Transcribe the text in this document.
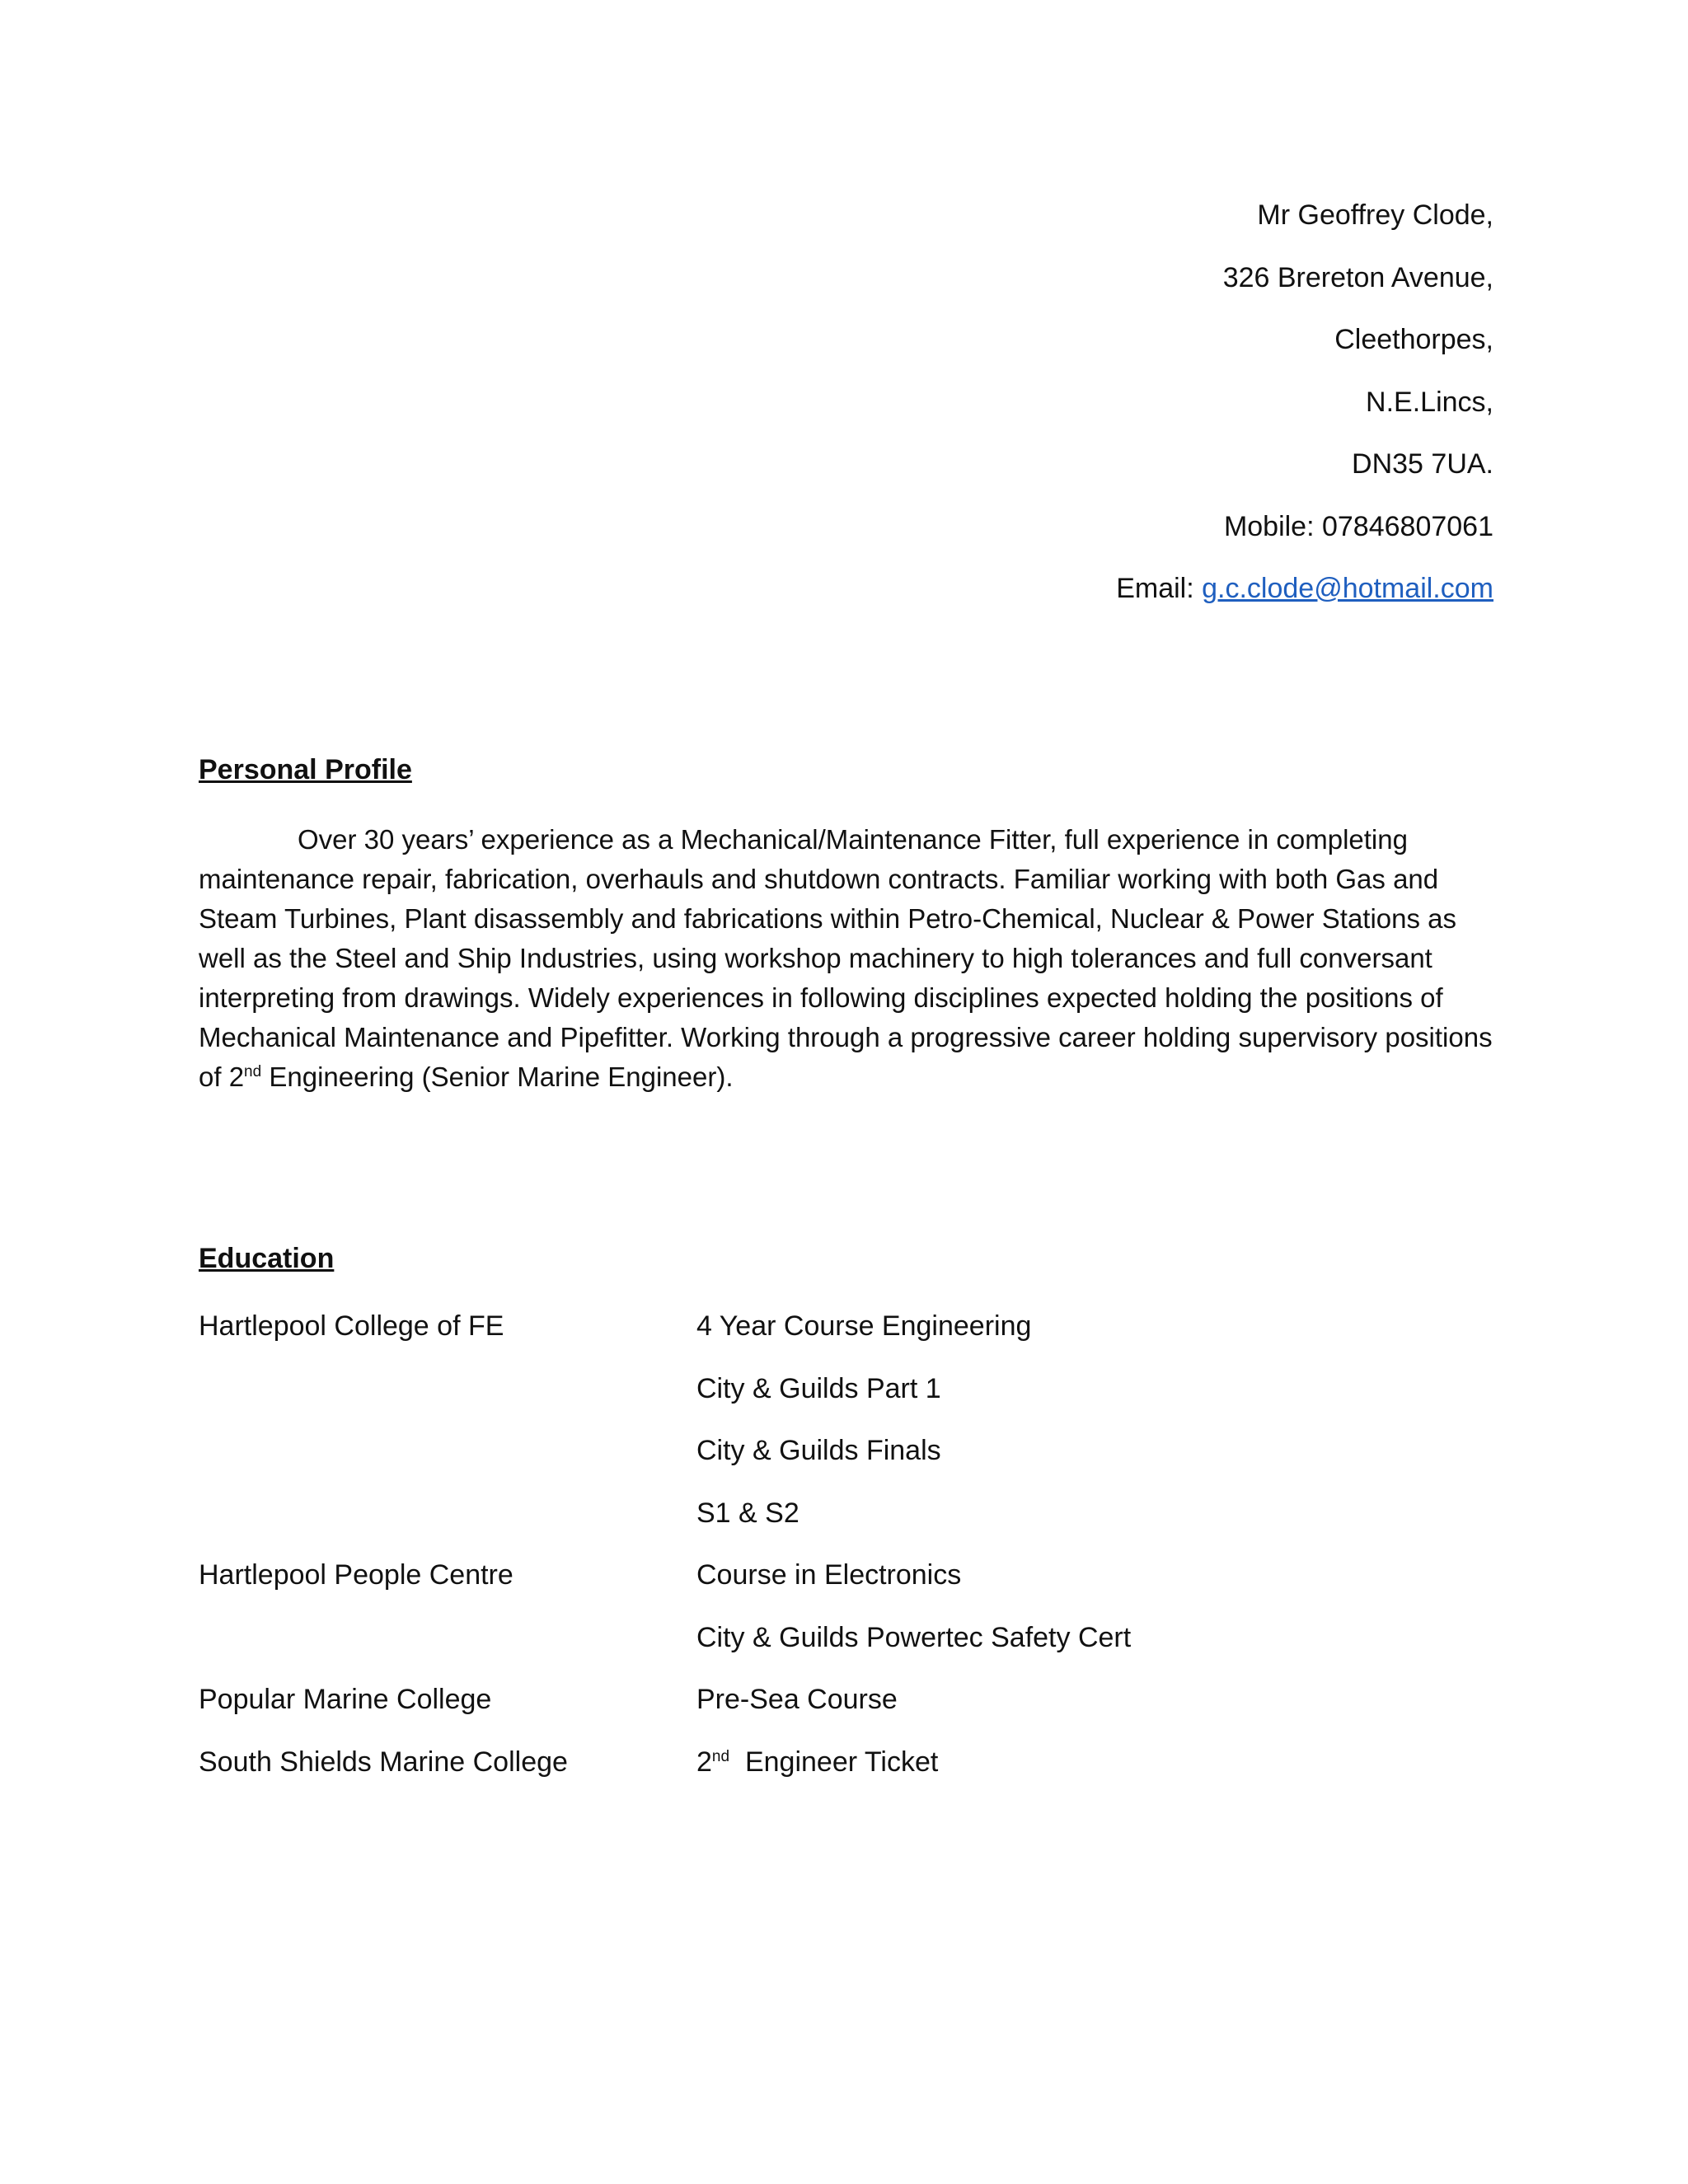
Mr Geoffrey Clode,
326 Brereton Avenue,
Cleethorpes,
N.E.Lincs,
DN35 7UA.
Mobile: 07846807061
Email: g.c.clode@hotmail.com
Personal Profile

Over 30 years’ experience as a Mechanical/Maintenance Fitter, full experience in completing maintenance repair, fabrication, overhauls and shutdown contracts. Familiar working with both Gas and Steam Turbines, Plant disassembly and fabrications within Petro-Chemical, Nuclear & Power Stations as well as the Steel and Ship Industries, using workshop machinery to high tolerances and full conversant interpreting from drawings. Widely experiences in following disciplines expected holding the positions of Mechanical Maintenance and Pipefitter. Working through a progressive career holding supervisory positions of 2nd Engineering (Senior Marine Engineer).

Education
Hartlepool College of FE	4 Year Course Engineering
City & Guilds Part 1
City & Guilds Finals
S1 & S2
Hartlepool People Centre	Course in Electronics
City & Guilds Powertec Safety Cert
Popular Marine College	Pre-Sea Course
South Shields Marine College	2nd  Engineer Ticket
